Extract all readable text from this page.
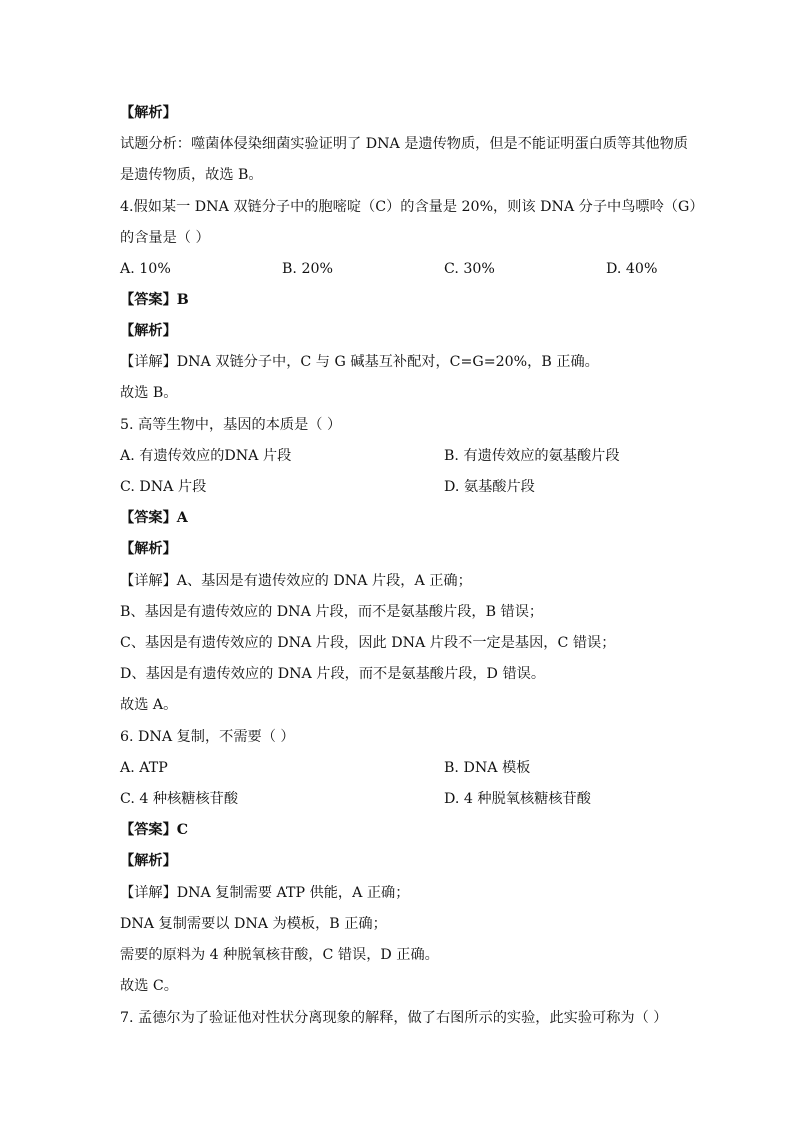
【解析】
试题分析：噬菌体侵染细菌实验证明了 DNA 是遗传物质，但是不能证明蛋白质等其他物质
是遗传物质，故选 B。
4.假如某一 DNA 双链分子中的胞嘧啶（C）的含量是 20%，则该 DNA 分子中鸟嘌呤（G）
的含量是（ ）
A. 10%	B. 20%	C. 30%	D. 40%
【答案】B
【解析】
【详解】DNA 双链分子中，C 与 G 碱基互补配对，C=G=20%，B 正确。
故选 B。
5. 高等生物中，基因的本质是（ ）
A. 有遗传效应的DNA 片段	B. 有遗传效应的氨基酸片段
C. DNA 片段	D. 氨基酸片段
【答案】A
【解析】
【详解】A、基因是有遗传效应的 DNA 片段，A 正确；
B、基因是有遗传效应的 DNA 片段，而不是氨基酸片段，B 错误；
C、基因是有遗传效应的 DNA 片段，因此 DNA 片段不一定是基因，C 错误；
D、基因是有遗传效应的 DNA 片段，而不是氨基酸片段，D 错误。
故选 A。
6. DNA 复制，不需要（ ）
A. ATP	B. DNA 模板
C. 4 种核糖核苷酸	D. 4 种脱氧核糖核苷酸
【答案】C
【解析】
【详解】DNA 复制需要 ATP 供能，A 正确；
DNA 复制需要以 DNA 为模板，B 正确；
需要的原料为 4 种脱氧核苷酸，C 错误，D 正确。
故选 C。
7. 孟德尔为了验证他对性状分离现象的解释，做了右图所示的实验，此实验可称为（ ）
